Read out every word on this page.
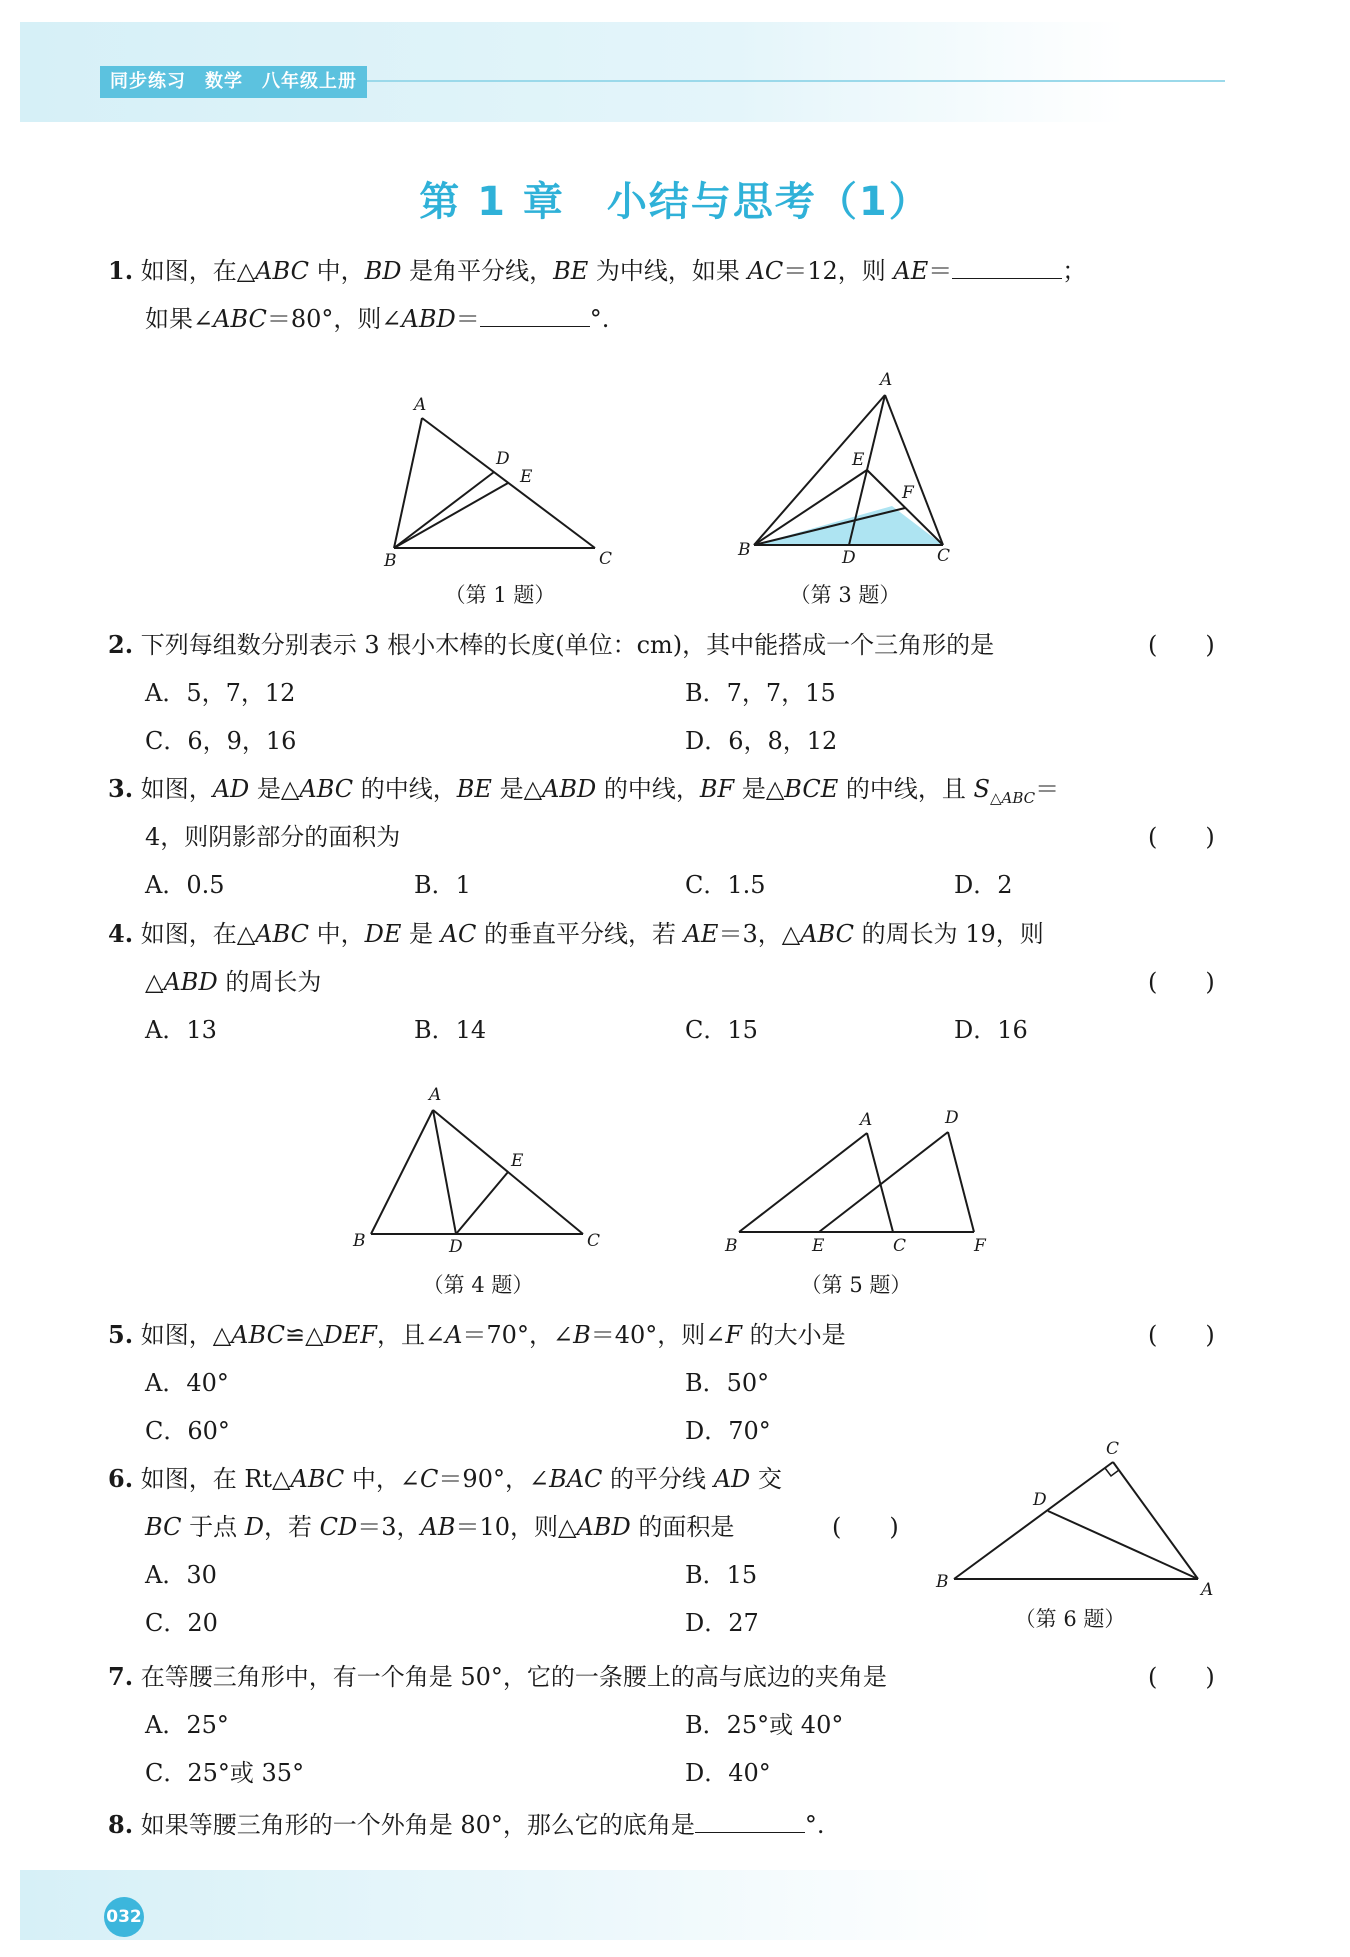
同步练习　数学　八年级上册
第 1 章　小结与思考（1）
1. 如图，在△ABC 中，BD 是角平分线，BE 为中线，如果 AC＝12，则 AE＝	；
如果∠ABC＝80°，则∠ABD＝	°.
A
B	C
D
E
（第 1 题）
A
B	C
D
E
F
（第 3 题）
2. 下列每组数分别表示 3 根小木棒的长度(单位：cm)，其中能搭成一个三角形的是	(　　)
A．5，7，12	B．7，7，15
C．6，9，16	D．6，8，12
3. 如图，AD 是△ABC 的中线，BE 是△ABD 的中线，BF 是△BCE 的中线，且 $S_{\triangle ABC}=$
4，则阴影部分的面积为	(　　)
A．0.5	B．1	C．1.5	D．2
4. 如图，在△ABC 中，DE 是 AC 的垂直平分线，若 AE＝3，△ABC 的周长为 19，则
△ABD 的周长为	(　　)
A．13	B．14	C．15	D．16
A
B	C
D
E
（第 4 题）
A
B	C
D
E	F
（第 5 题）
5. 如图，△ABC≌△DEF，且∠A＝70°，∠B＝40°，则∠F 的大小是	(　　)
A．40°	B．50°
C．60°	D．70°
6. 如图，在 Rt△ABC 中，∠C＝90°，∠BAC 的平分线 AD 交
BC 于点 D，若 CD＝3，AB＝10，则△ABD 的面积是	(　　)
A．30	B．15
C．20	D．27
A
B
C
D
（第 6 题）
7. 在等腰三角形中，有一个角是 50°，它的一条腰上的高与底边的夹角是	(　　)
A．25°	B．25°或 40°
C．25°或 35°	D．40°
8. 如果等腰三角形的一个外角是 80°，那么它的底角是	°.
032
